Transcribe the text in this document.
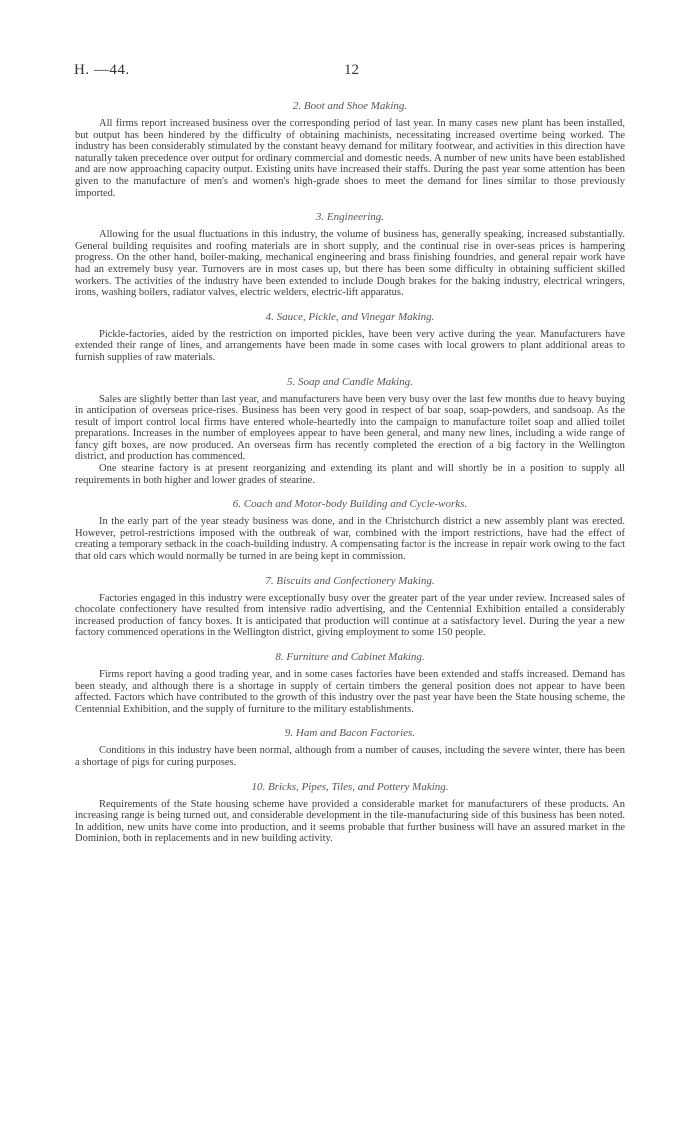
H. —44.	12
2. Boot and Shoe Making.

All firms report increased business over the corresponding period of last year. In many cases new plant has been installed, but output has been hindered by the difficulty of obtaining machinists, necessitating increased overtime being worked. The industry has been considerably stimulated by the constant heavy demand for military footwear, and activities in this direction have naturally taken precedence over output for ordinary commercial and domestic needs. A number of new units have been established and are now approaching capacity output. Existing units have increased their staffs. During the past year some attention has been given to the manufacture of men's and women's high-grade shoes to meet the demand for lines similar to those previously imported.

3. Engineering.

Allowing for the usual fluctuations in this industry, the volume of business has, generally speaking, increased substantially. General building requisites and roofing materials are in short supply, and the continual rise in over-seas prices is hampering progress. On the other hand, boiler-making, mechanical engineering and brass finishing foundries, and general repair work have had an extremely busy year. Turnovers are in most cases up, but there has been some difficulty in obtaining sufficient skilled workers. The activities of the industry have been extended to include Dough brakes for the baking industry, electrical wringers, irons, washing boilers, radiator valves, electric welders, electric-lift apparatus.

4. Sauce, Pickle, and Vinegar Making.

Pickle-factories, aided by the restriction on imported pickles, have been very active during the year. Manufacturers have extended their range of lines, and arrangements have been made in some cases with local growers to plant additional areas to furnish supplies of raw materials.

5. Soap and Candle Making.

Sales are slightly better than last year, and manufacturers have been very busy over the last few months due to heavy buying in anticipation of overseas price-rises. Business has been very good in respect of bar soap, soap-powders, and sandsoap. As the result of import control local firms have entered whole-heartedly into the campaign to manufacture toilet soap and allied toilet preparations. Increases in the number of employees appear to have been general, and many new lines, including a wide range of fancy gift boxes, are now produced. An overseas firm has recently completed the erection of a big factory in the Wellington district, and production has commenced.

One stearine factory is at present reorganizing and extending its plant and will shortly be in a position to supply all requirements in both higher and lower grades of stearine.

6. Coach and Motor-body Building and Cycle-works.

In the early part of the year steady business was done, and in the Christchurch district a new assembly plant was erected. However, petrol-restrictions imposed with the outbreak of war, combined with the import restrictions, have had the effect of creating a temporary setback in the coach-building industry. A compensating factor is the increase in repair work owing to the fact that old cars which would normally be turned in are being kept in commission.

7. Biscuits and Confectionery Making.

Factories engaged in this industry were exceptionally busy over the greater part of the year under review. Increased sales of chocolate confectionery have resulted from intensive radio advertising, and the Centennial Exhibition entailed a considerably increased production of fancy boxes. It is anticipated that production will continue at a satisfactory level. During the year a new factory commenced operations in the Wellington district, giving employment to some 150 people.

8. Furniture and Cabinet Making.

Firms report having a good trading year, and in some cases factories have been extended and staffs increased. Demand has been steady, and although there is a shortage in supply of certain timbers the general position does not appear to have been affected. Factors which have contributed to the growth of this industry over the past year have been the State housing scheme, the Centennial Exhibition, and the supply of furniture to the military establishments.

9. Ham and Bacon Factories.

Conditions in this industry have been normal, although from a number of causes, including the severe winter, there has been a shortage of pigs for curing purposes.

10. Bricks, Pipes, Tiles, and Pottery Making.

Requirements of the State housing scheme have provided a considerable market for manufacturers of these products. An increasing range is being turned out, and considerable development in the tile-manufacturing side of this business has been noted. In addition, new units have come into production, and it seems probable that further business will have an assured market in the Dominion, both in replacements and in new building activity.
